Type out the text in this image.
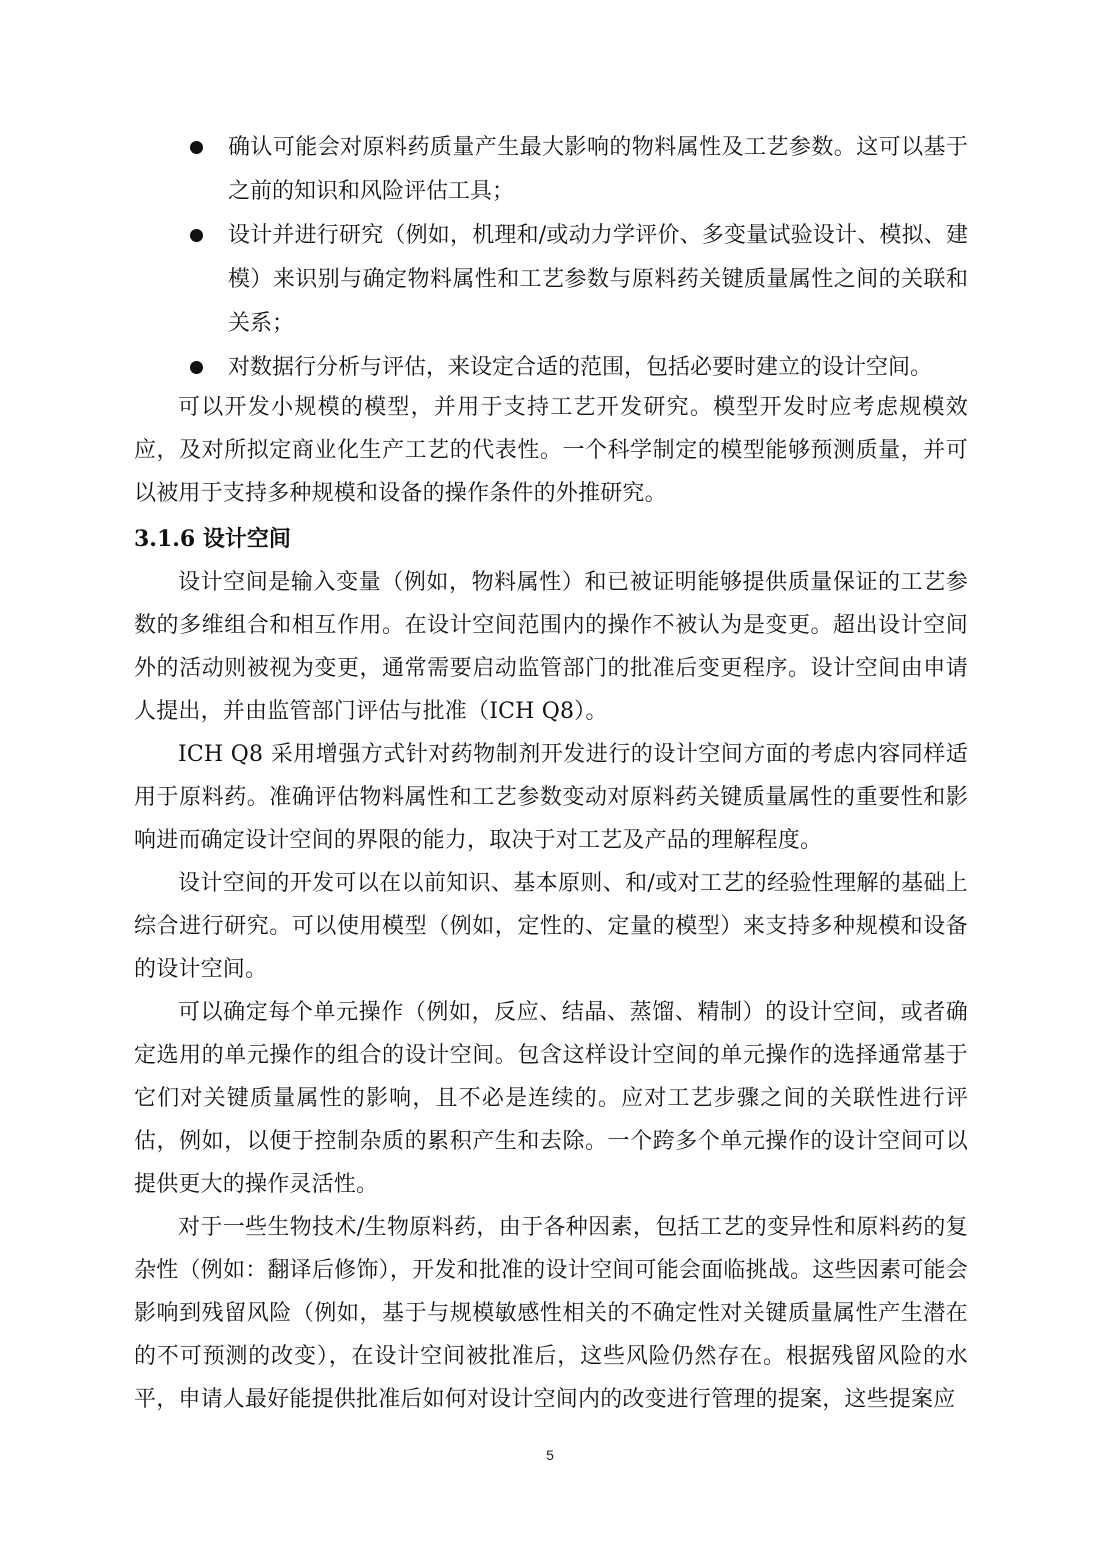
确认可能会对原料药质量产生最大影响的物料属性及工艺参数。这可以基于之前的知识和风险评估工具；
设计并进行研究（例如，机理和/或动力学评价、多变量试验设计、模拟、建模）来识别与确定物料属性和工艺参数与原料药关键质量属性之间的关联和关系；
对数据行分析与评估，来设定合适的范围，包括必要时建立的设计空间。

可以开发小规模的模型，并用于支持工艺开发研究。模型开发时应考虑规模效应，及对所拟定商业化生产工艺的代表性。一个科学制定的模型能够预测质量，并可以被用于支持多种规模和设备的操作条件的外推研究。

3.1.6 设计空间

设计空间是输入变量（例如，物料属性）和已被证明能够提供质量保证的工艺参数的多维组合和相互作用。在设计空间范围内的操作不被认为是变更。超出设计空间外的活动则被视为变更，通常需要启动监管部门的批准后变更程序。设计空间由申请人提出，并由监管部门评估与批准（ICH Q8）。

ICH Q8 采用增强方式针对药物制剂开发进行的设计空间方面的考虑内容同样适用于原料药。准确评估物料属性和工艺参数变动对原料药关键质量属性的重要性和影响进而确定设计空间的界限的能力，取决于对工艺及产品的理解程度。

设计空间的开发可以在以前知识、基本原则、和/或对工艺的经验性理解的基础上综合进行研究。可以使用模型（例如，定性的、定量的模型）来支持多种规模和设备的设计空间。

可以确定每个单元操作（例如，反应、结晶、蒸馏、精制）的设计空间，或者确定选用的单元操作的组合的设计空间。包含这样设计空间的单元操作的选择通常基于它们对关键质量属性的影响，且不必是连续的。应对工艺步骤之间的关联性进行评估，例如，以便于控制杂质的累积产生和去除。一个跨多个单元操作的设计空间可以提供更大的操作灵活性。

对于一些生物技术/生物原料药，由于各种因素，包括工艺的变异性和原料药的复杂性（例如：翻译后修饰），开发和批准的设计空间可能会面临挑战。这些因素可能会影响到残留风险（例如，基于与规模敏感性相关的不确定性对关键质量属性产生潜在的不可预测的改变），在设计空间被批准后，这些风险仍然存在。根据残留风险的水平，申请人最好能提供批准后如何对设计空间内的改变进行管理的提案，这些提案应

5
